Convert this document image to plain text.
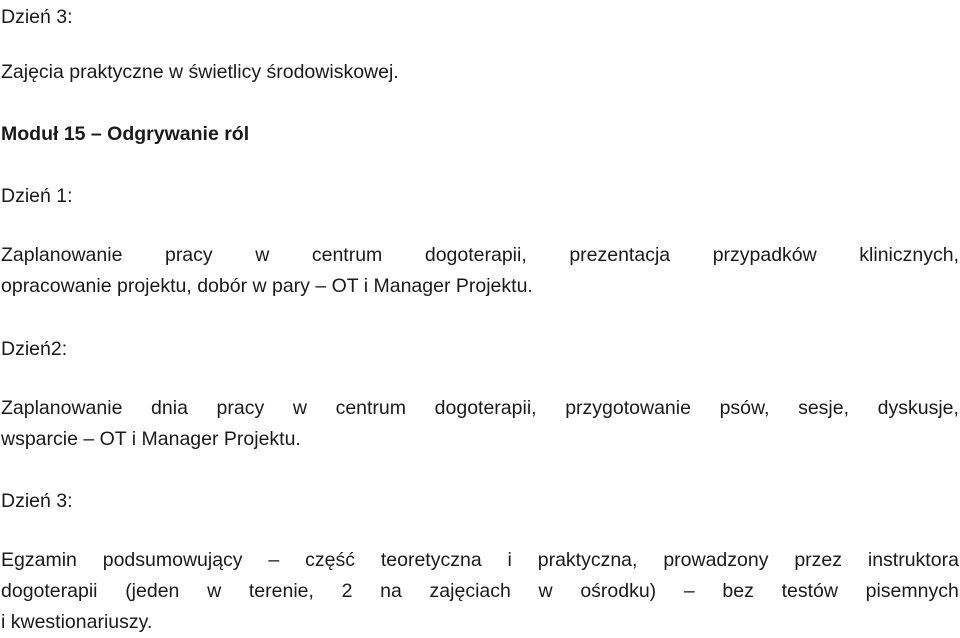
Dzień 3:
Zajęcia praktyczne w świetlicy środowiskowej.
Moduł 15 – Odgrywanie ról
Dzień 1:
Zaplanowanie pracy w centrum dogoterapii, prezentacja przypadków klinicznych,
opracowanie projektu, dobór w pary – OT i Manager Projektu.
Dzień2:
Zaplanowanie dnia pracy w centrum dogoterapii, przygotowanie psów, sesje, dyskusje,
wsparcie – OT i Manager Projektu.
Dzień 3:
Egzamin podsumowujący – część teoretyczna i praktyczna, prowadzony przez instruktora
dogoterapii (jeden w terenie, 2 na zajęciach w ośrodku) – bez testów pisemnych
i kwestionariuszy.
